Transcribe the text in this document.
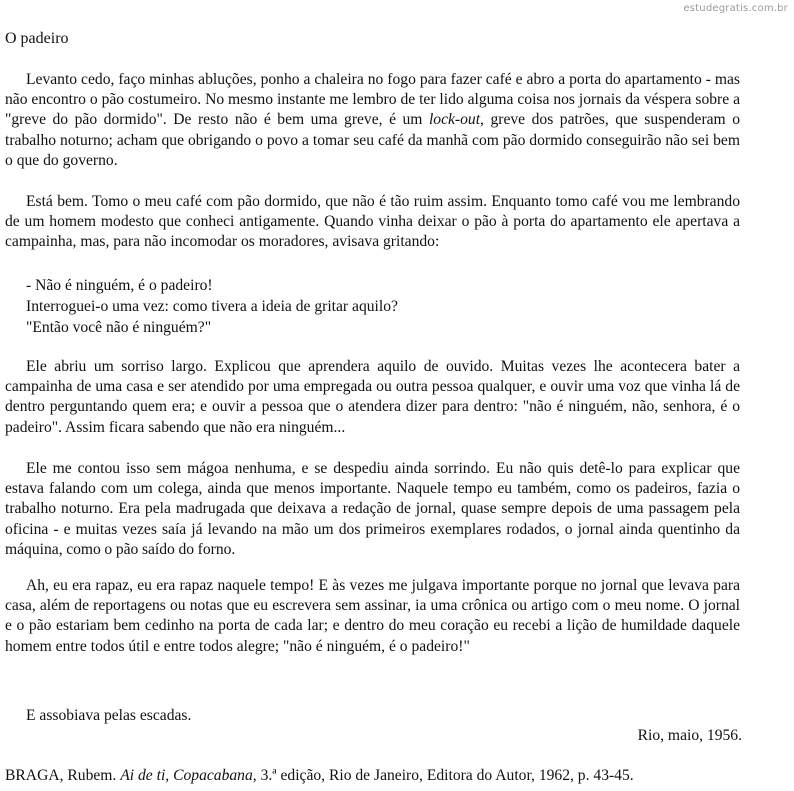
estudegratis.com.br
O padeiro

Levanto cedo, faço minhas abluções, ponho a chaleira no fogo para fazer café e abro a porta do apartamento - mas não encontro o pão costumeiro. No mesmo instante me lembro de ter lido alguma coisa nos jornais da véspera sobre a "greve do pão dormido". De resto não é bem uma greve, é um lock-out, greve dos patrões, que suspenderam o trabalho noturno; acham que obrigando o povo a tomar seu café da manhã com pão dormido conseguirão não sei bem o que do governo.

Está bem. Tomo o meu café com pão dormido, que não é tão ruim assim. Enquanto tomo café vou me lembrando de um homem modesto que conheci antigamente. Quando vinha deixar o pão à porta do apartamento ele apertava a campainha, mas, para não incomodar os moradores, avisava gritando:

- Não é ninguém, é o padeiro!
Interroguei-o uma vez: como tivera a ideia de gritar aquilo?
"Então você não é ninguém?"

Ele abriu um sorriso largo. Explicou que aprendera aquilo de ouvido. Muitas vezes lhe acontecera bater a campainha de uma casa e ser atendido por uma empregada ou outra pessoa qualquer, e ouvir uma voz que vinha lá de dentro perguntando quem era; e ouvir a pessoa que o atendera dizer para dentro: "não é ninguém, não, senhora, é o padeiro". Assim ficara sabendo que não era ninguém...

Ele me contou isso sem mágoa nenhuma, e se despediu ainda sorrindo. Eu não quis detê-lo para explicar que estava falando com um colega, ainda que menos importante. Naquele tempo eu também, como os padeiros, fazia o trabalho noturno. Era pela madrugada que deixava a redação de jornal, quase sempre depois de uma passagem pela oficina - e muitas vezes saía já levando na mão um dos primeiros exemplares rodados, o jornal ainda quentinho da máquina, como o pão saído do forno.

Ah, eu era rapaz, eu era rapaz naquele tempo! E às vezes me julgava importante porque no jornal que levava para casa, além de reportagens ou notas que eu escrevera sem assinar, ia uma crônica ou artigo com o meu nome. O jornal e o pão estariam bem cedinho na porta de cada lar; e dentro do meu coração eu recebi a lição de humildade daquele homem entre todos útil e entre todos alegre; "não é ninguém, é o padeiro!"

E assobiava pelas escadas.
Rio, maio, 1956.
BRAGA, Rubem. Ai de ti, Copacabana, 3.ª edição, Rio de Janeiro, Editora do Autor, 1962, p. 43-45.
